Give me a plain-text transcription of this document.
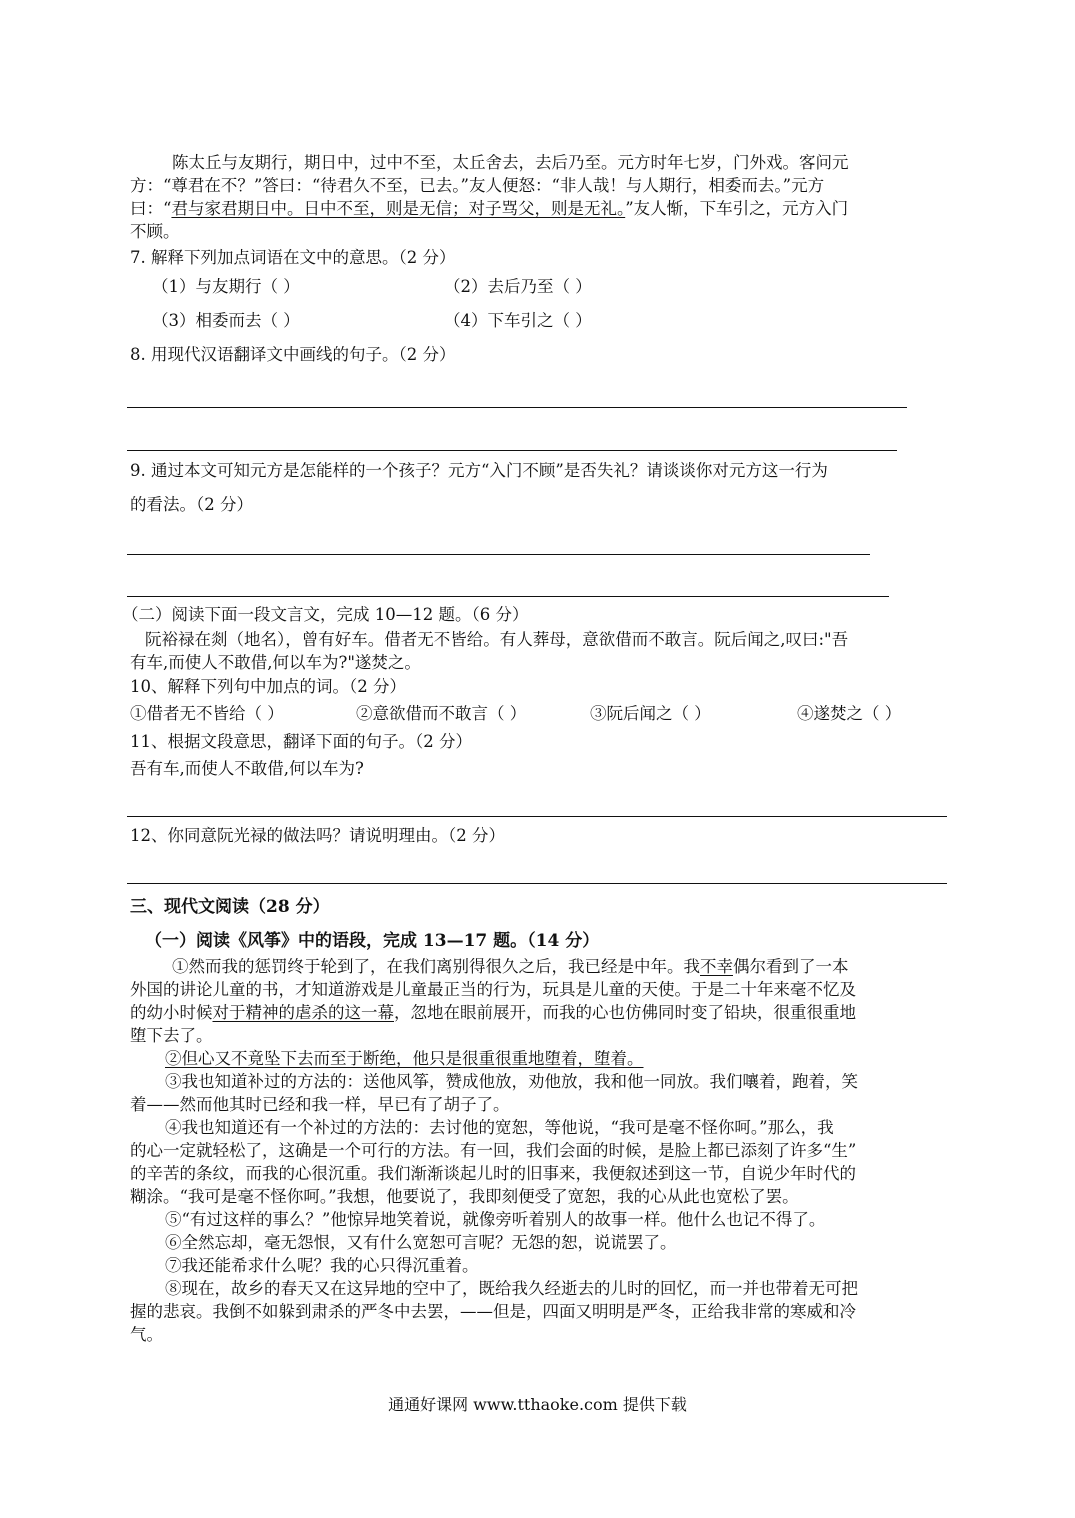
陈太丘与友期行，期日中，过中不至，太丘舍去，去后乃至。元方时年七岁，门外戏。客问元
方：“尊君在不？”答曰：“待君久不至，已去。”友人便怒：“非人哉！与人期行，相委而去。”元方
曰：“君与家君期日中。日中不至，则是无信；对子骂父，则是无礼。”友人惭，下车引之，元方入门
不顾。
7. 解释下列加点词语在文中的意思。（2 分）
（1）与友期行（ ）	（2）去后乃至（ ）
（3）相委而去（ ）	（4）下车引之（ ）
8. 用现代汉语翻译文中画线的句子。（2 分）
9. 通过本文可知元方是怎能样的一个孩子？元方“入门不顾”是否失礼？请谈谈你对元方这一行为
的看法。（2 分）
（二）阅读下面一段文言文，完成 10—12 题。（6 分）
阮裕禄在剡（地名），曾有好车。借者无不皆给。有人葬母，意欲借而不敢言。阮后闻之,叹曰:"吾
有车,而使人不敢借,何以车为?"遂焚之。
10、解释下列句中加点的词。（2 分）
①借者无不皆给（ ）	②意欲借而不敢言（ ）	③阮后闻之（ ）	④遂焚之（ ）
11、根据文段意思，翻译下面的句子。（2 分）
吾有车,而使人不敢借,何以车为?
12、你同意阮光禄的做法吗？请说明理由。（2 分）
三、现代文阅读（28 分）
（一）阅读《风筝》中的语段，完成 13—17 题。（14 分）
①然而我的惩罚终于轮到了，在我们离别得很久之后，我已经是中年。我不幸偶尔看到了一本
外国的讲论儿童的书，才知道游戏是儿童最正当的行为，玩具是儿童的天使。于是二十年来毫不忆及
的幼小时候对于精神的虐杀的这一幕，忽地在眼前展开，而我的心也仿佛同时变了铅块，很重很重地
堕下去了。
②但心又不竟坠下去而至于断绝，他只是很重很重地堕着，堕着。
③我也知道补过的方法的：送他风筝，赞成他放，劝他放，我和他一同放。我们嚷着，跑着，笑
着——然而他其时已经和我一样，早已有了胡子了。
④我也知道还有一个补过的方法的：去讨他的宽恕，等他说，“我可是毫不怪你呵。”那么，我
的心一定就轻松了，这确是一个可行的方法。有一回，我们会面的时候，是脸上都已添刻了许多“生”
的辛苦的条纹，而我的心很沉重。我们渐渐谈起儿时的旧事来，我便叙述到这一节，自说少年时代的
糊涂。“我可是毫不怪你呵。”我想，他要说了，我即刻便受了宽恕，我的心从此也宽松了罢。
⑤“有过这样的事么？”他惊异地笑着说，就像旁听着别人的故事一样。他什么也记不得了。
⑥全然忘却，毫无怨恨，又有什么宽恕可言呢？无怨的恕，说谎罢了。
⑦我还能希求什么呢？我的心只得沉重着。
⑧现在，故乡的春天又在这异地的空中了，既给我久经逝去的儿时的回忆，而一并也带着无可把
握的悲哀。我倒不如躲到肃杀的严冬中去罢，——但是，四面又明明是严冬，正给我非常的寒威和冷
气。
通通好课网 www.tthaoke.com 提供下载
